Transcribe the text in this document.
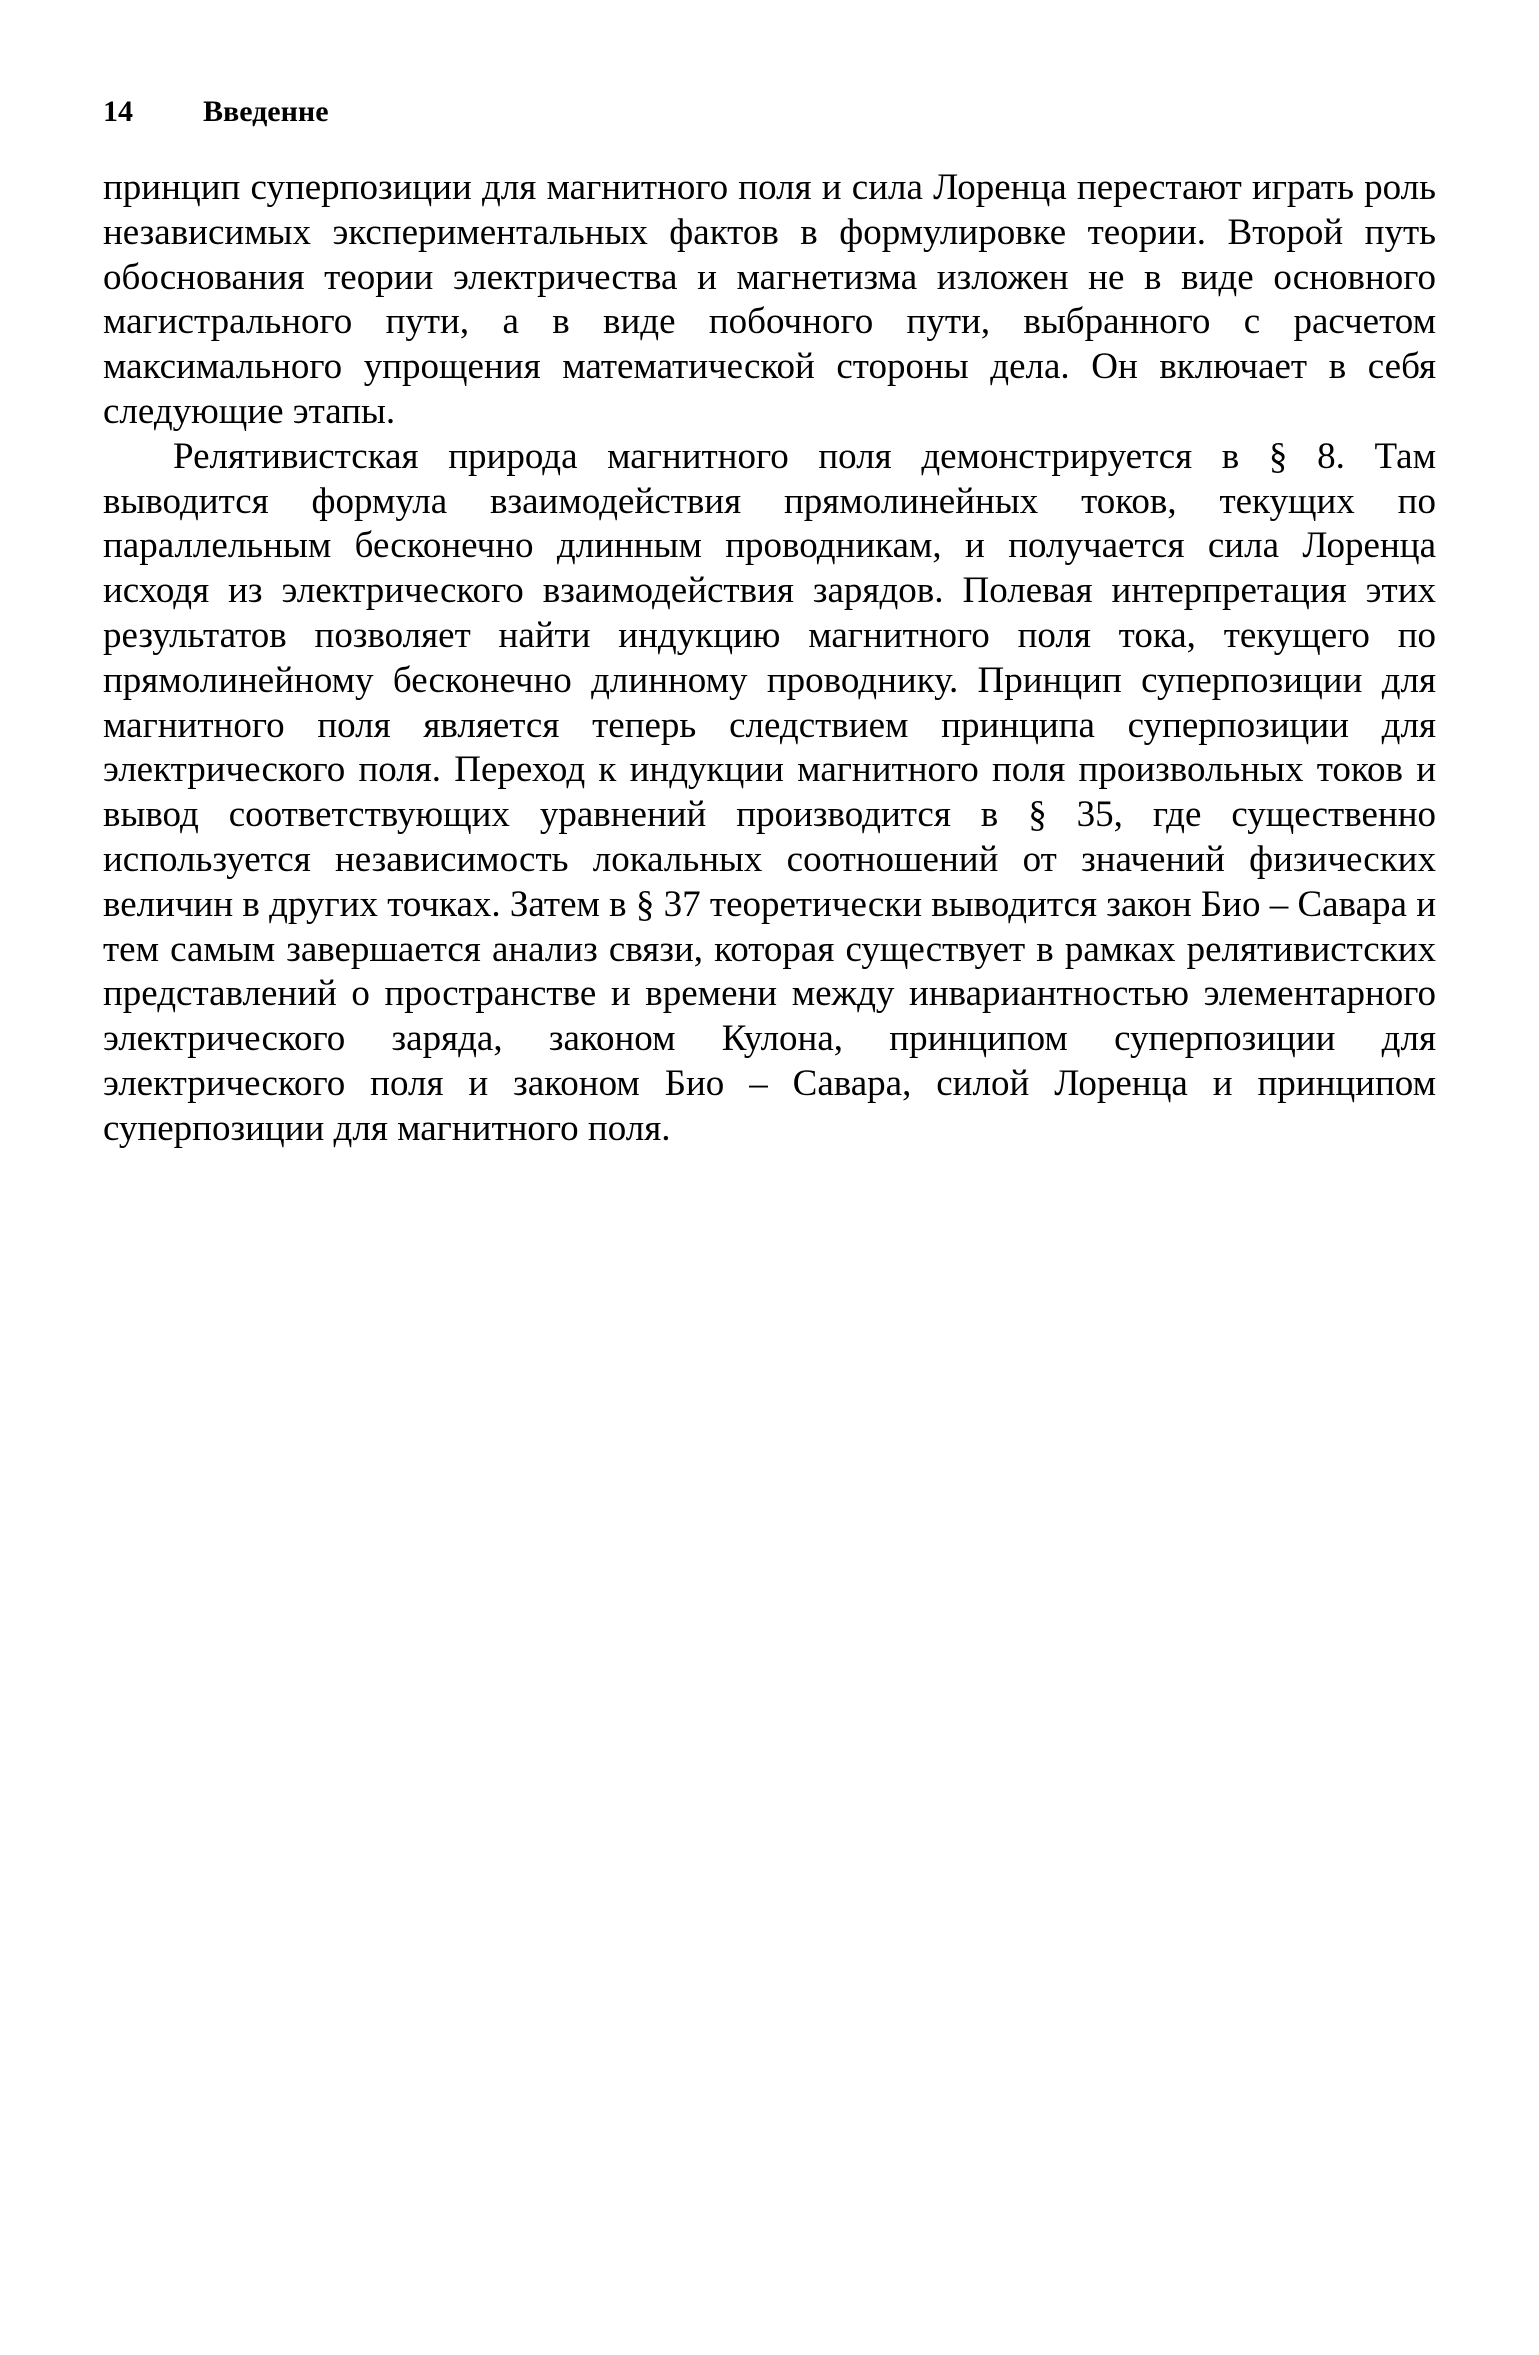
14 Введенне

принцип суперпозиции для магнитного поля и сила Лоренца перестают играть роль независимых экспериментальных фактов в формулировке теории. Второй путь обоснования теории электричества и магнетизма изложен не в виде основного магистрального пути, а в виде побочного пути, выбранного с расчетом максимального упрощения математической стороны дела. Он включает в себя следующие этапы.

Релятивистская природа магнитного поля демонстрируется в § 8. Там выводится формула взаимодействия прямолинейных токов, текущих по параллельным бесконечно длинным проводникам, и получается сила Лоренца исходя из электрического взаимодействия зарядов. Полевая интерпретация этих результатов позволяет найти индукцию магнитного поля тока, текущего по прямолинейному бесконечно длинному проводнику. Принцип суперпозиции для магнитного поля является теперь следствием принципа суперпозиции для электрического поля. Переход к индукции магнитного поля произвольных токов и вывод соответствующих уравнений производится в § 35, где существенно используется независимость локальных соотношений от значений физических величин в других точках. Затем в § 37 теоретически выводится закон Био – Савара и тем самым завершается анализ связи, которая существует в рамках релятивистских представлений о пространстве и времени между инвариантностью элементарного электрического заряда, законом Кулона, принципом суперпозиции для электрического поля и законом Био – Савара, силой Лоренца и принципом суперпозиции для магнитного поля.
